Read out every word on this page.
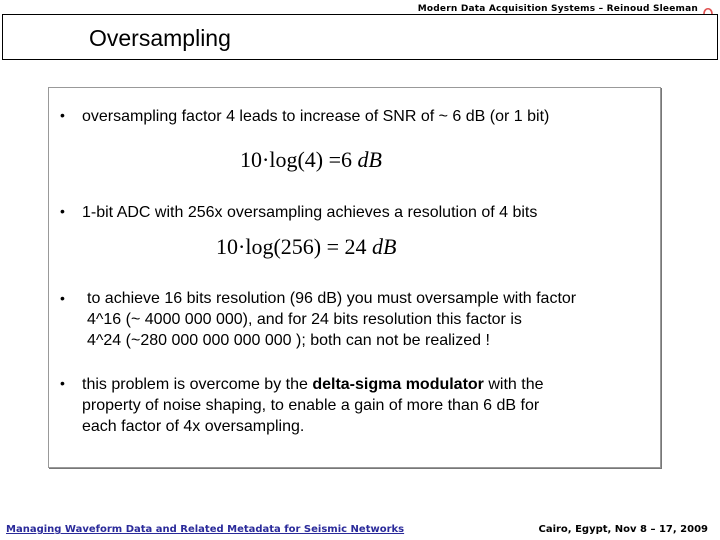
Modern Data Acquisition Systems – Reinoud Sleeman
Oversampling
• oversampling factor 4 leads to increase of SNR of ~ 6 dB (or 1 bit)
10·log(4) =6 dB
• 1-bit ADC with 256x oversampling achieves a resolution of 4 bits
10·log(256) = 24 dB
• to achieve 16 bits resolution (96 dB) you must oversample with factor
4^16 (~ 4000 000 000), and for 24 bits resolution this factor is
4^24 (~280 000 000 000 000 ); both can not be realized !
• this problem is overcome by the delta-sigma modulator with the
property of noise shaping, to enable a gain of more than 6 dB for
each factor of 4x oversampling.
Managing Waveform Data and Related Metadata for Seismic Networks	Cairo, Egypt, Nov 8 – 17, 2009
